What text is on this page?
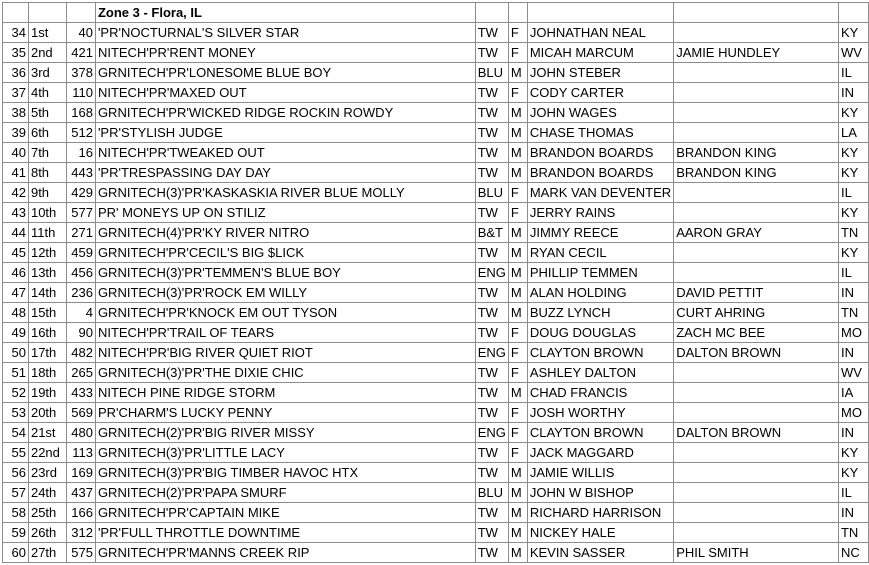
			Zone 3 - Flora, IL					
34	1st	40	'PR'NOCTURNAL'S SILVER STAR	TW	F	JOHNATHAN NEAL		KY
35	2nd	421	NITECH'PR'RENT MONEY	TW	F	MICAH MARCUM	JAMIE HUNDLEY	WV
36	3rd	378	GRNITECH'PR'LONESOME BLUE BOY	BLU	M	JOHN STEBER		IL
37	4th	110	NITECH'PR'MAXED OUT	TW	F	CODY CARTER		IN
38	5th	168	GRNITECH'PR'WICKED RIDGE ROCKIN ROWDY	TW	M	JOHN WAGES		KY
39	6th	512	'PR'STYLISH JUDGE	TW	M	CHASE THOMAS		LA
40	7th	16	NITECH'PR'TWEAKED OUT	TW	M	BRANDON BOARDS	BRANDON KING	KY
41	8th	443	'PR'TRESPASSING DAY DAY	TW	M	BRANDON BOARDS	BRANDON KING	KY
42	9th	429	GRNITECH(3)'PR'KASKASKIA RIVER BLUE MOLLY	BLU	F	MARK VAN DEVENTER		IL
43	10th	577	PR' MONEYS UP ON STILIZ	TW	F	JERRY RAINS		KY
44	11th	271	GRNITECH(4)'PR'KY RIVER NITRO	B&T	M	JIMMY REECE	AARON GRAY	TN
45	12th	459	GRNITECH'PR'CECIL'S BIG $LICK	TW	M	RYAN CECIL		KY
46	13th	456	GRNITECH(3)'PR'TEMMEN'S BLUE BOY	ENG	M	PHILLIP TEMMEN		IL
47	14th	236	GRNITECH(3)'PR'ROCK EM WILLY	TW	M	ALAN HOLDING	DAVID PETTIT	IN
48	15th	4	GRNITECH'PR'KNOCK EM OUT TYSON	TW	M	BUZZ LYNCH	CURT AHRING	TN
49	16th	90	NITECH'PR'TRAIL OF TEARS	TW	F	DOUG DOUGLAS	ZACH MC BEE	MO
50	17th	482	NITECH'PR'BIG RIVER QUIET RIOT	ENG	F	CLAYTON BROWN	DALTON BROWN	IN
51	18th	265	GRNITECH(3)'PR'THE DIXIE CHIC	TW	F	ASHLEY DALTON		WV
52	19th	433	NITECH PINE RIDGE STORM	TW	M	CHAD FRANCIS		IA
53	20th	569	PR'CHARM'S LUCKY PENNY	TW	F	JOSH WORTHY		MO
54	21st	480	GRNITECH(2)'PR'BIG RIVER MISSY	ENG	F	CLAYTON BROWN	DALTON BROWN	IN
55	22nd	113	GRNITECH(3)'PR'LITTLE LACY	TW	F	JACK MAGGARD		KY
56	23rd	169	GRNITECH(3)'PR'BIG TIMBER HAVOC HTX	TW	M	JAMIE WILLIS		KY
57	24th	437	GRNITECH(2)'PR'PAPA SMURF	BLU	M	JOHN W BISHOP		IL
58	25th	166	GRNITECH'PR'CAPTAIN MIKE	TW	M	RICHARD HARRISON		IN
59	26th	312	'PR'FULL THROTTLE DOWNTIME	TW	M	NICKEY HALE		TN
60	27th	575	GRNITECH'PR'MANNS CREEK RIP	TW	M	KEVIN SASSER	PHIL SMITH	NC
